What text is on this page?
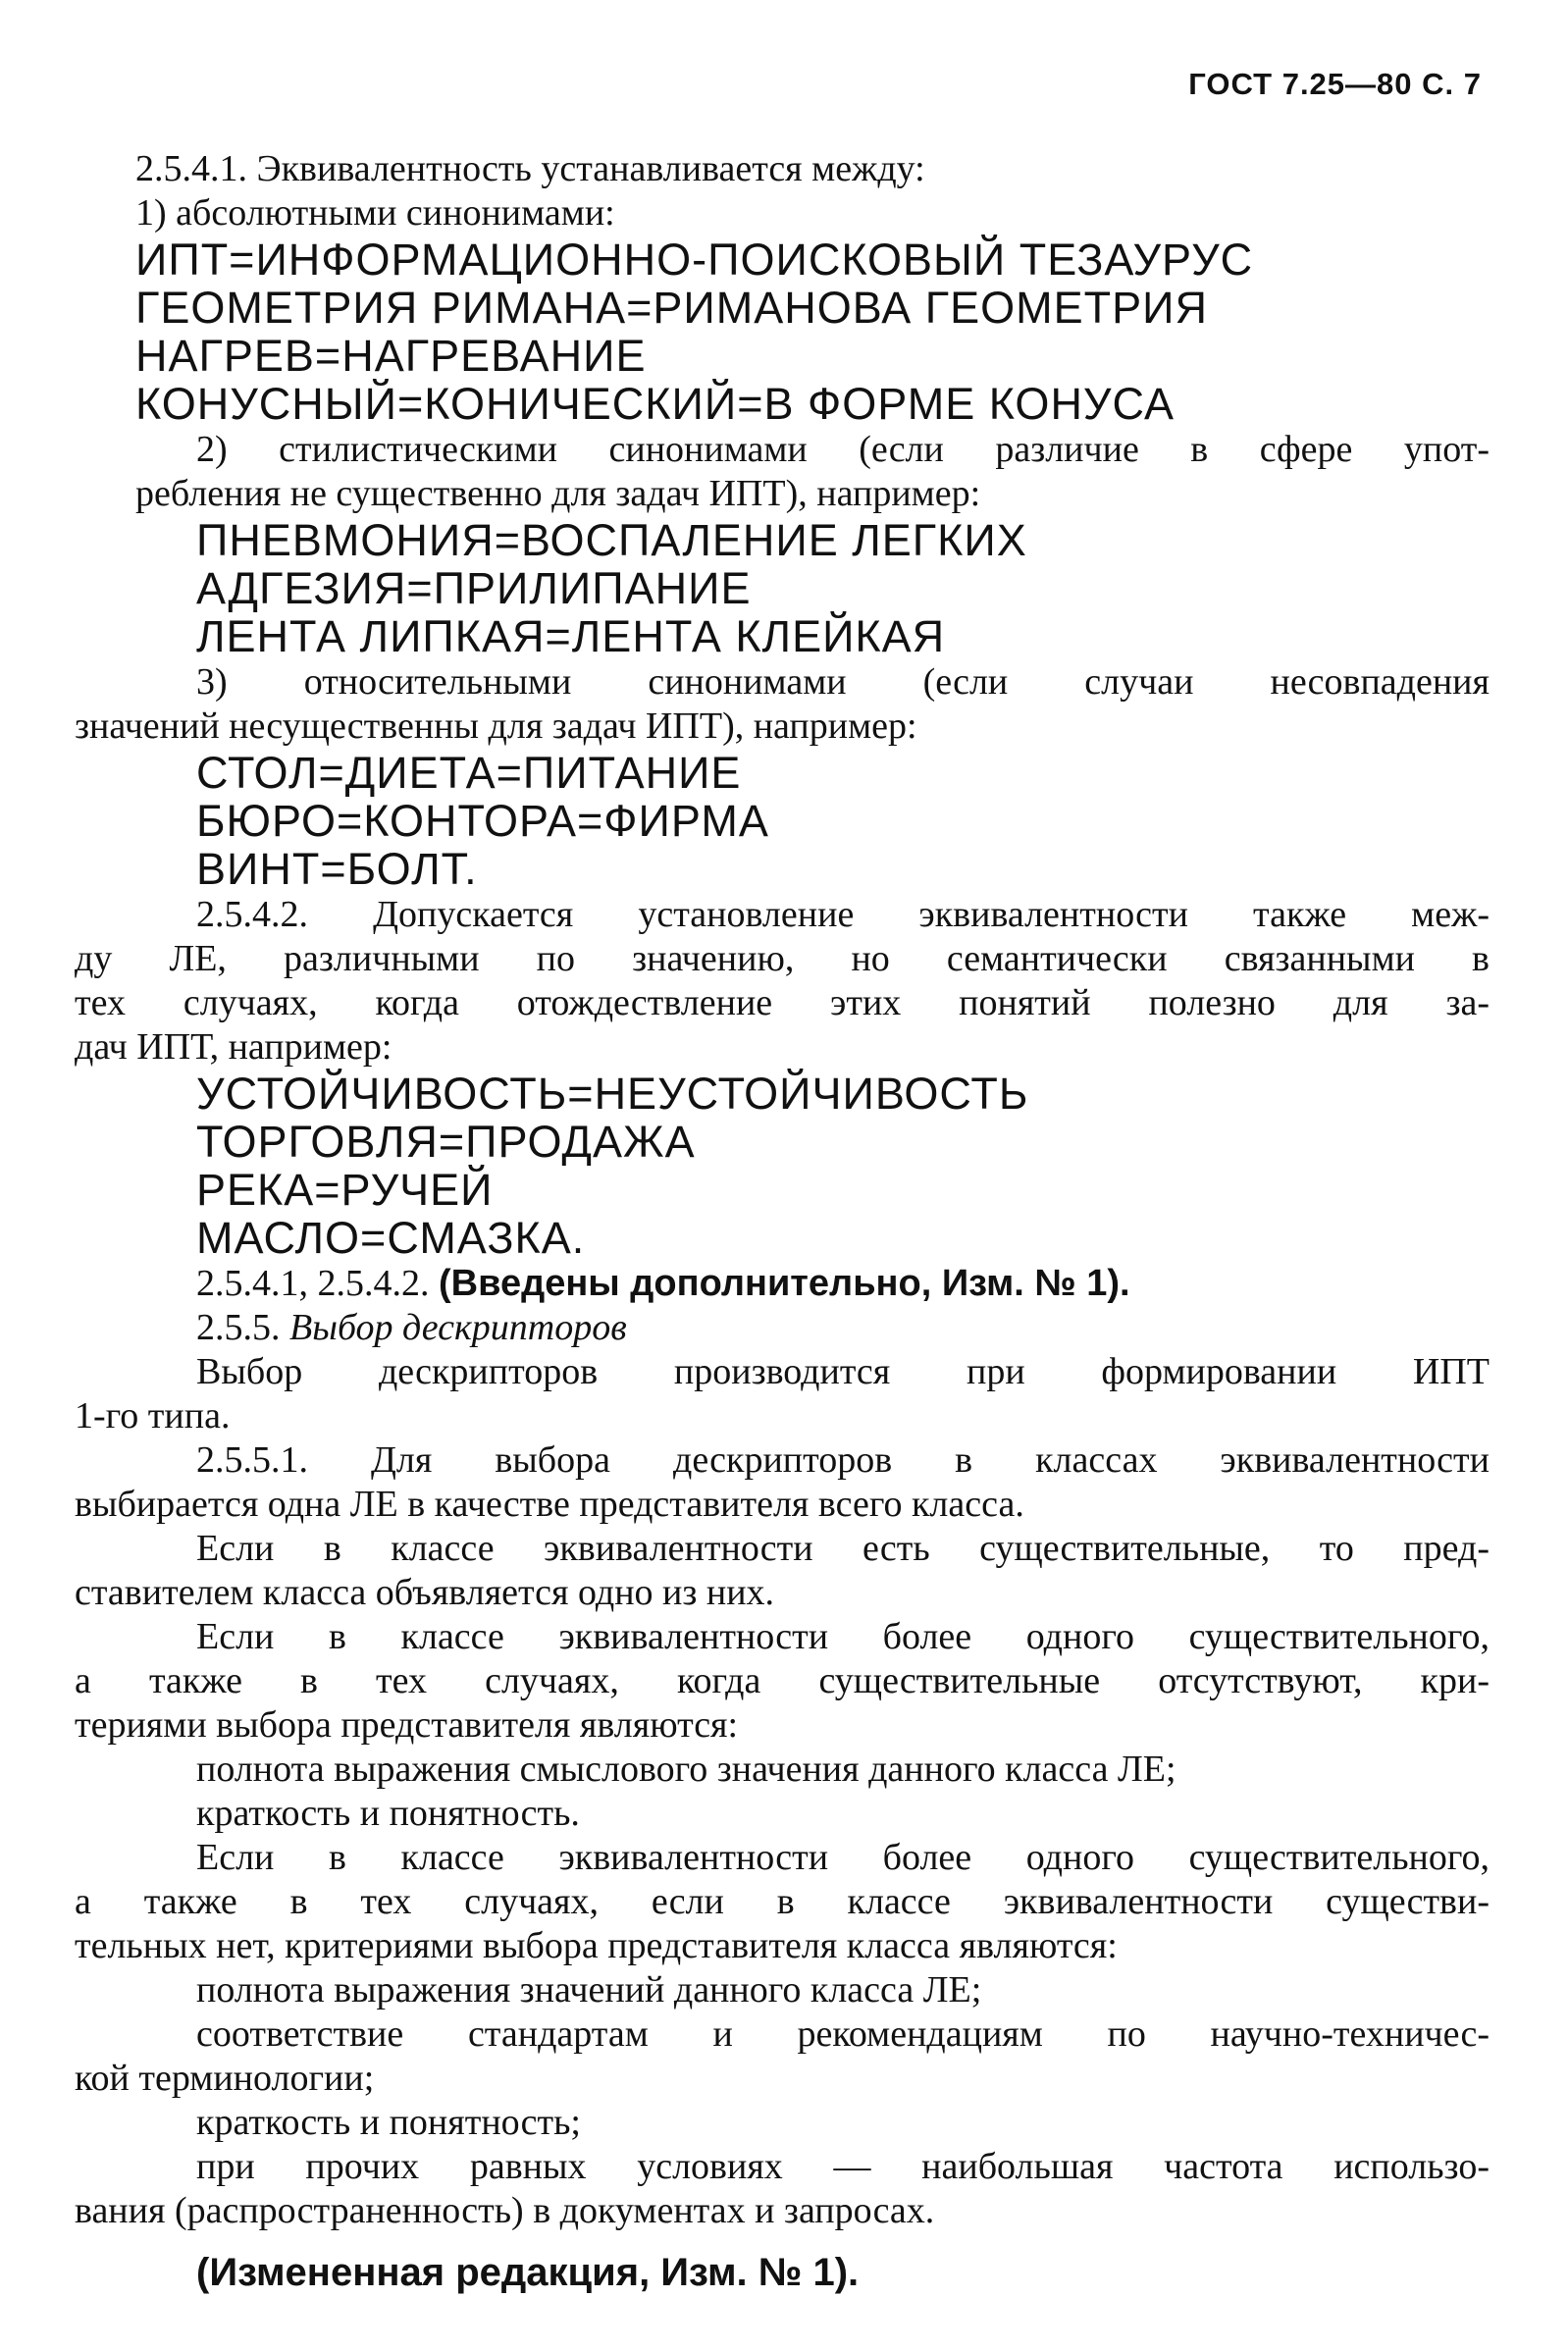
ГОСТ 7.25—80 С. 7
2.5.4.1. Эквивалентность устанавливается между:
1) абсолютными синонимами:
ИПТ=ИНФОРМАЦИОННО-ПОИСКОВЫЙ ТЕЗАУРУС
ГЕОМЕТРИЯ РИМАНА=РИМАНОВА ГЕОМЕТРИЯ
НАГРЕВ=НАГРЕВАНИЕ
КОНУСНЫЙ=КОНИЧЕСКИЙ=В ФОРМЕ КОНУСА
2) стилистическими синонимами (если различие в сфере упот-
ребления не существенно для задач ИПТ), например:
ПНЕВМОНИЯ=ВОСПАЛЕНИЕ ЛЕГКИХ
АДГЕЗИЯ=ПРИЛИПАНИЕ
ЛЕНТА ЛИПКАЯ=ЛЕНТА КЛЕЙКАЯ
3) относительными синонимами (если случаи несовпадения
значений несущественны для задач ИПТ), например:
СТОЛ=ДИЕТА=ПИТАНИЕ
БЮРО=КОНТОРА=ФИРМА
ВИНТ=БОЛТ.
2.5.4.2. Допускается установление эквивалентности также меж-
ду ЛЕ, различными по значению, но семантически связанными в
тех случаях, когда отождествление этих понятий полезно для за-
дач ИПТ, например:
УСТОЙЧИВОСТЬ=НЕУСТОЙЧИВОСТЬ
ТОРГОВЛЯ=ПРОДАЖА
РЕКА=РУЧЕЙ
МАСЛО=СМАЗКА.
2.5.4.1, 2.5.4.2. (Введены дополнительно, Изм. № 1).
2.5.5. Выбор дескрипторов
Выбор дескрипторов производится при формировании ИПТ
1-го типа.
2.5.5.1. Для выбора дескрипторов в классах эквивалентности
выбирается одна ЛЕ в качестве представителя всего класса.
Если в классе эквивалентности есть существительные, то пред-
ставителем класса объявляется одно из них.
Если в классе эквивалентности более одного существительного,
а также в тех случаях, когда существительные отсутствуют, кри-
териями выбора представителя являются:
полнота выражения смыслового значения данного класса ЛЕ;
краткость и понятность.
Если в классе эквивалентности более одного существительного,
а также в тех случаях, если в классе эквивалентности существи-
тельных нет, критериями выбора представителя класса являются:
полнота выражения значений данного класса ЛЕ;
соответствие стандартам и рекомендациям по научно-техничес-
кой терминологии;
краткость и понятность;
при прочих равных условиях — наибольшая частота использо-
вания (распространенность) в документах и запросах.
(Измененная редакция, Изм. № 1).
